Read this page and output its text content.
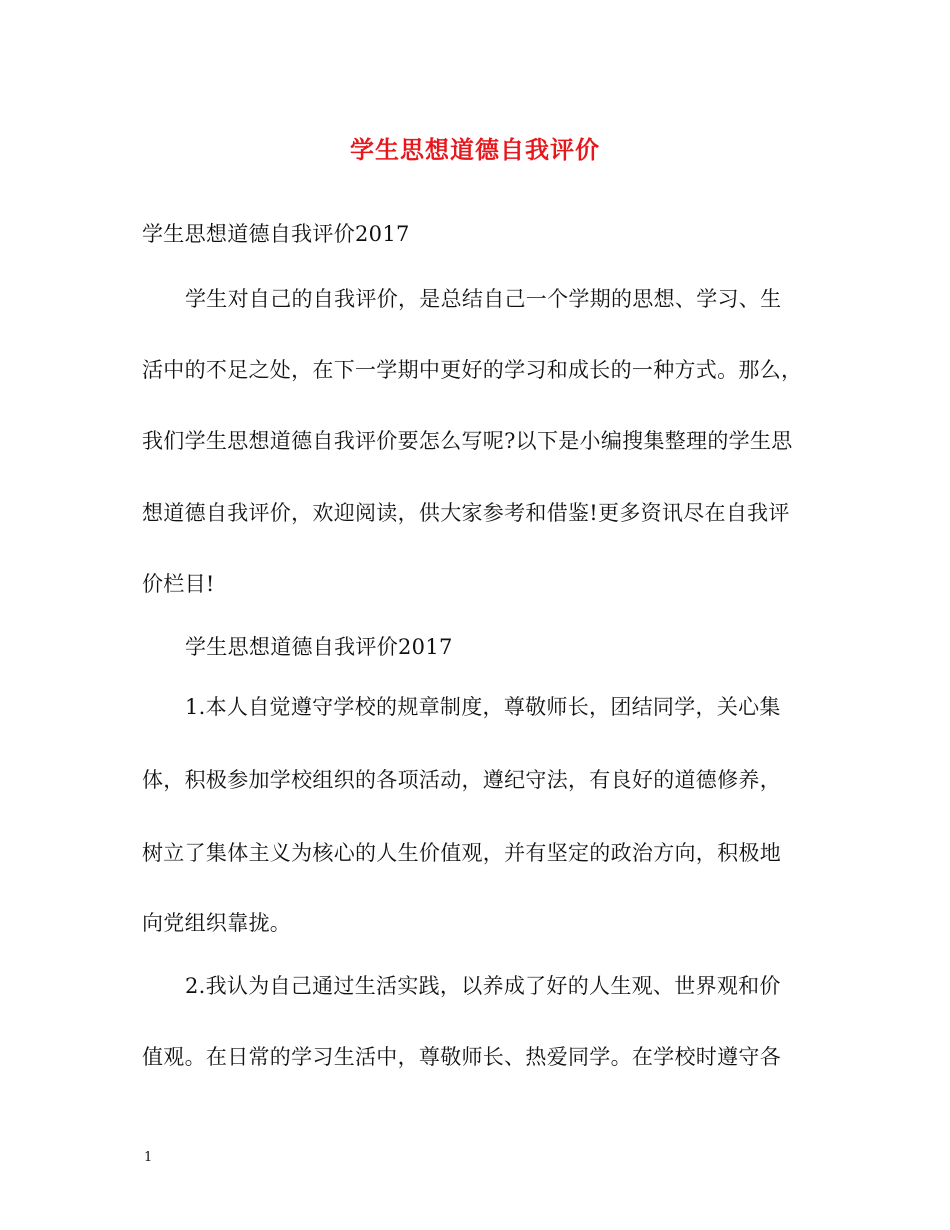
学生思想道德自我评价

学生思想道德自我评价2017

学生对自己的自我评价，是总结自己一个学期的思想、学习、生

活中的不足之处，在下一学期中更好的学习和成长的一种方式。那么，

我们学生思想道德自我评价要怎么写呢?以下是小编搜集整理的学生思

想道德自我评价，欢迎阅读，供大家参考和借鉴!更多资讯尽在自我评

价栏目!

学生思想道德自我评价2017

1.本人自觉遵守学校的规章制度，尊敬师长，团结同学，关心集

体，积极参加学校组织的各项活动，遵纪守法，有良好的道德修养，

树立了集体主义为核心的人生价值观，并有坚定的政治方向，积极地

向党组织靠拢。

2.我认为自己通过生活实践，以养成了好的人生观、世界观和价

值观。在日常的学习生活中，尊敬师长、热爱同学。在学校时遵守各

1
